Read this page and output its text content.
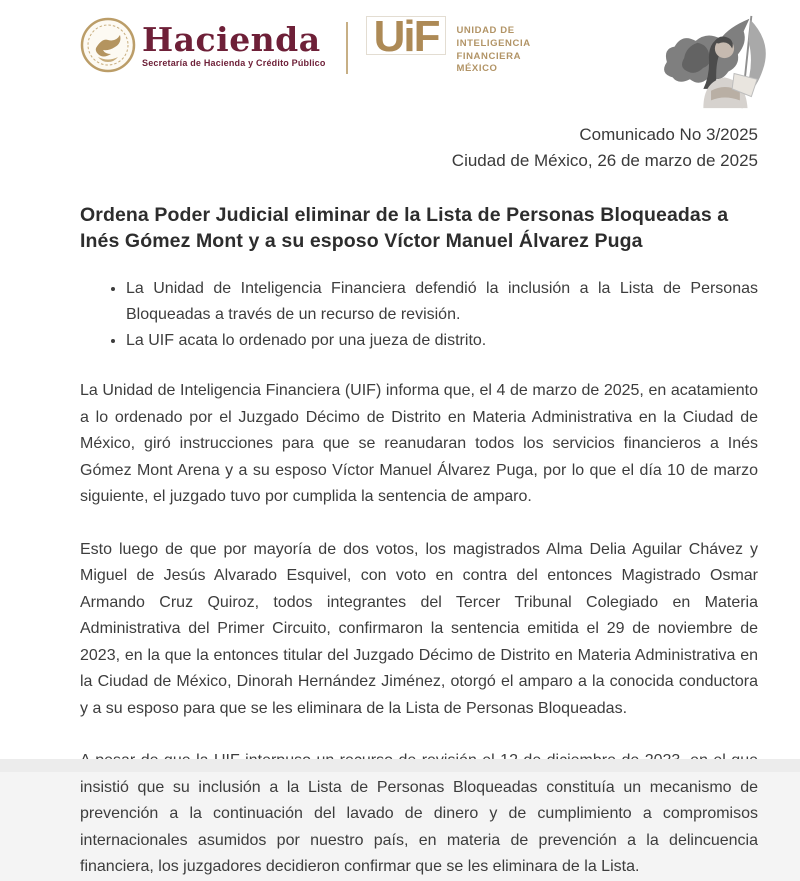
Hacienda
Secretaría de Hacienda y Crédito Público
UiF	UNIDAD DE
INTELIGENCIA
FINANCIERA
MÉXICO
Comunicado No 3/2025
Ciudad de México, 26 de marzo de 2025
Ordena Poder Judicial eliminar de la Lista de Personas Bloqueadas a Inés Gómez Mont y a su esposo Víctor Manuel Álvarez Puga
• La Unidad de Inteligencia Financiera defendió la inclusión a la Lista de Personas Bloqueadas a través de un recurso de revisión.
• La UIF acata lo ordenado por una jueza de distrito.

La Unidad de Inteligencia Financiera (UIF) informa que, el 4 de marzo de 2025, en acatamiento a lo ordenado por el Juzgado Décimo de Distrito en Materia Administrativa en la Ciudad de México, giró instrucciones para que se reanudaran todos los servicios financieros a Inés Gómez Mont Arena y a su esposo Víctor Manuel Álvarez Puga, por lo que el día 10 de marzo siguiente, el juzgado tuvo por cumplida la sentencia de amparo.

Esto luego de que por mayoría de dos votos, los magistrados Alma Delia Aguilar Chávez y Miguel de Jesús Alvarado Esquivel, con voto en contra del entonces Magistrado Osmar Armando Cruz Quiroz, todos integrantes del Tercer Tribunal Colegiado en Materia Administrativa del Primer Circuito, confirmaron la sentencia emitida el 29 de noviembre de 2023, en la que la entonces titular del Juzgado Décimo de Distrito en Materia Administrativa en la Ciudad de México, Dinorah Hernández Jiménez, otorgó el amparo a la conocida conductora y a su esposo para que se les eliminara de la Lista de Personas Bloqueadas.

insistió que su inclusión a la Lista de Personas Bloqueadas constituía un mecanismo de prevención a la continuación del lavado de dinero y de cumplimiento a compromisos internacionales asumidos por nuestro país, en materia de prevención a la delincuencia financiera, los juzgadores decidieron confirmar que se les eliminara de la Lista.
